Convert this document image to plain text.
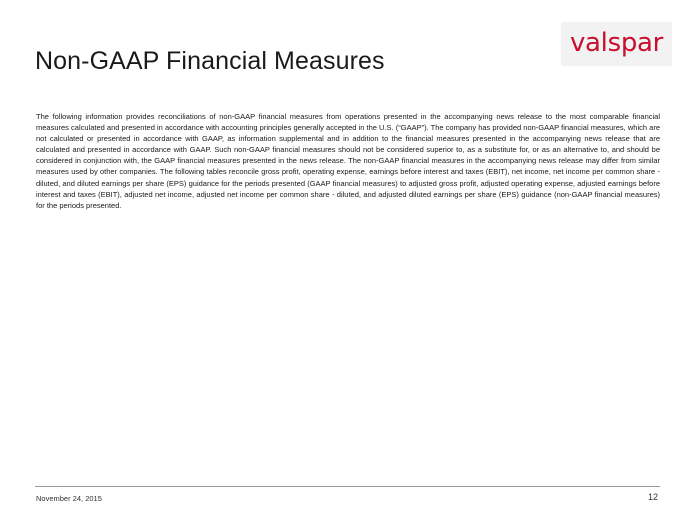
Non-GAAP Financial Measures
valspar

The following information provides reconciliations of non-GAAP financial measures from operations presented in the accompanying news release to the most comparable financial measures calculated and presented in accordance with accounting principles generally accepted in the U.S. (“GAAP”). The company has provided non-GAAP financial measures, which are not calculated or presented in accordance with GAAP, as information supplemental and in addition to the financial measures presented in the accompanying news release that are calculated and presented in accordance with GAAP. Such non-GAAP financial measures should not be considered superior to, as a substitute for, or as an alternative to, and should be considered in conjunction with, the GAAP financial measures presented in the news release. The non-GAAP financial measures in the accompanying news release may differ from similar measures used by other companies. The following tables reconcile gross profit, operating expense, earnings before interest and taxes (EBIT), net income, net income per common share - diluted, and diluted earnings per share (EPS) guidance for the periods presented (GAAP financial measures) to adjusted gross profit, adjusted operating expense, adjusted earnings before interest and taxes (EBIT), adjusted net income, adjusted net income per common share - diluted, and adjusted diluted earnings per share (EPS) guidance (non-GAAP financial measures) for the periods presented.

November 24, 2015	12
